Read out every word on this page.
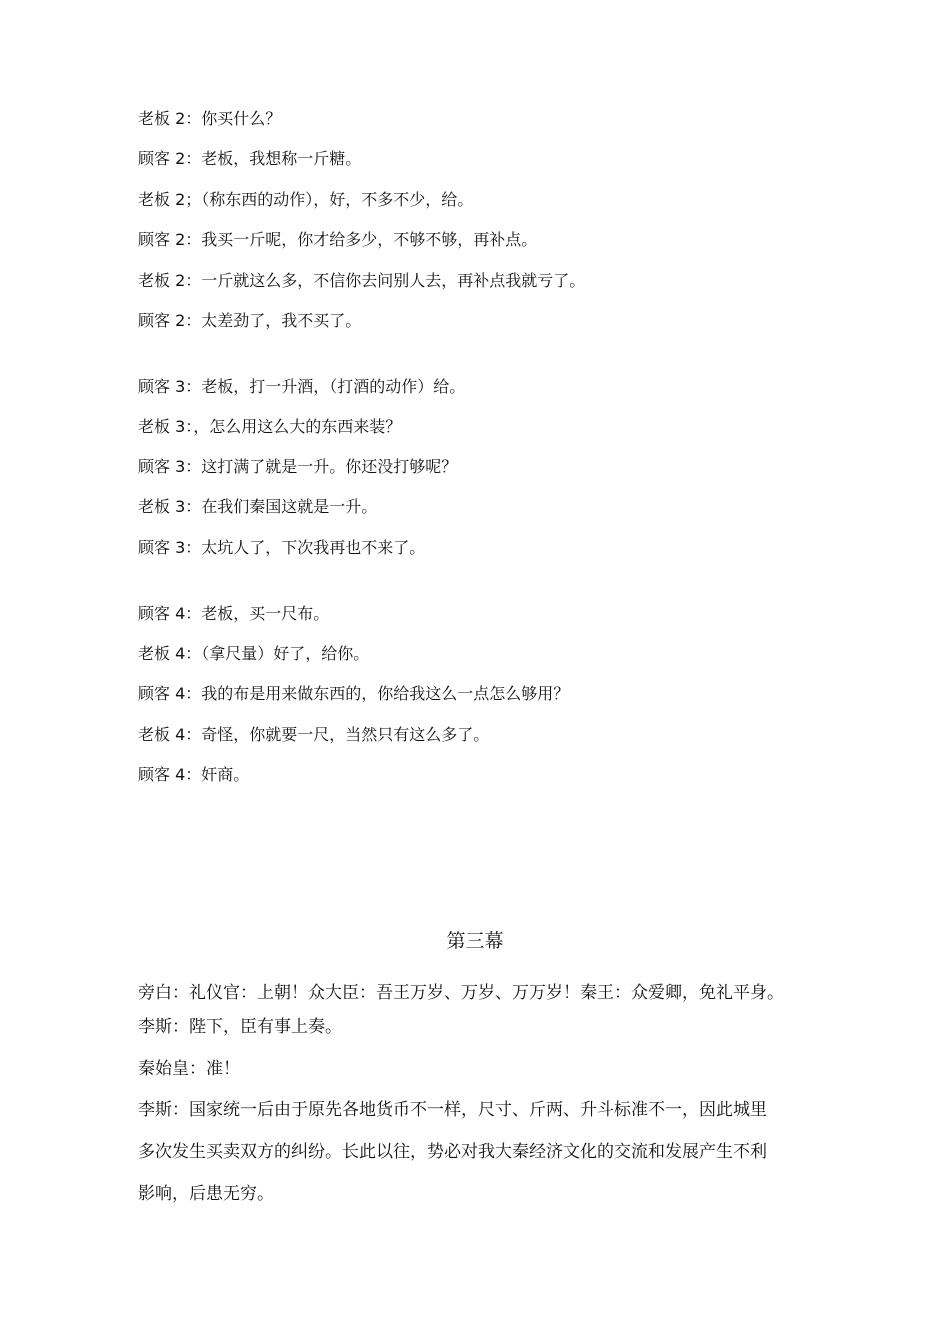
老板 2：你买什么？
顾客 2：老板，我想称一斤糖。
老板 2；（称东西的动作），好，不多不少，给。
顾客 2：我买一斤呢，你才给多少，不够不够，再补点。
老板 2：一斤就这么多，不信你去问别人去，再补点我就亏了。
顾客 2：太差劲了，我不买了。
顾客 3：老板，打一升酒，（打酒的动作）给。
老板 3：，怎么用这么大的东西来装？
顾客 3：这打满了就是一升。你还没打够呢？
老板 3：在我们秦国这就是一升。
顾客 3：太坑人了，下次我再也不来了。
顾客 4：老板，买一尺布。
老板 4：（拿尺量）好了，给你。
顾客 4：我的布是用来做东西的，你给我这么一点怎么够用？
老板 4：奇怪，你就要一尺，当然只有这么多了。
顾客 4：奸商。
第三幕
旁白：礼仪官：上朝！众大臣：吾王万岁、万岁、万万岁！秦王：众爱卿，免礼平身。
李斯：陛下，臣有事上奏。
秦始皇：准！
李斯：国家统一后由于原先各地货币不一样，尺寸、斤两、升斗标准不一，因此城里
多次发生买卖双方的纠纷。长此以往，势必对我大秦经济文化的交流和发展产生不利
影响，后患无穷。
